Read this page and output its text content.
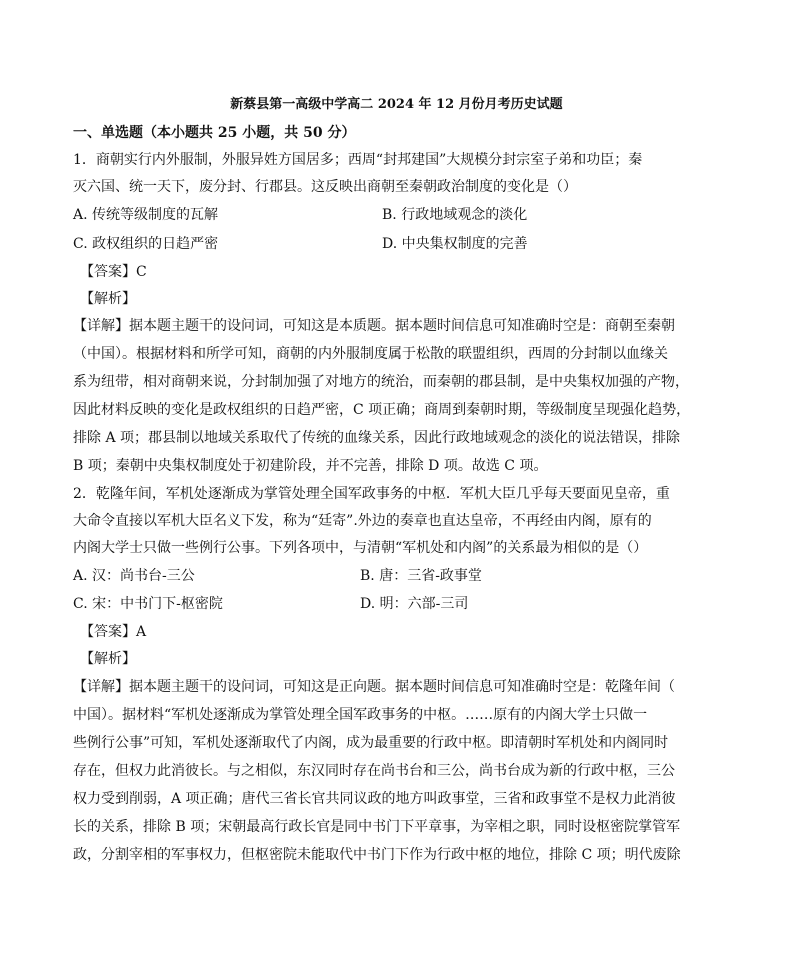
新蔡县第一高级中学高二 2024 年 12 月份月考历史试题
一、单选题（本小题共 25 小题，共 50 分）
1．商朝实行内外服制，外服异姓方国居多；西周“封邦建国”大规模分封宗室子弟和功臣；秦
灭六国、统一天下，废分封、行郡县。这反映出商朝至秦朝政治制度的变化是（）
A. 传统等级制度的瓦解	B. 行政地域观念的淡化
C. 政权组织的日趋严密	D. 中央集权制度的完善
【答案】C
【解析】
【详解】据本题主题干的设问词，可知这是本质题。据本题时间信息可知准确时空是：商朝至秦朝
（中国）。根据材料和所学可知，商朝的内外服制度属于松散的联盟组织，西周的分封制以血缘关
系为纽带，相对商朝来说，分封制加强了对地方的统治，而秦朝的郡县制，是中央集权加强的产物，
因此材料反映的变化是政权组织的日趋严密，C 项正确；商周到秦朝时期，等级制度呈现强化趋势，
排除 A 项；郡县制以地域关系取代了传统的血缘关系，因此行政地域观念的淡化的说法错误，排除
B 项；秦朝中央集权制度处于初建阶段，并不完善，排除 D 项。故选 C 项。
2．乾隆年间，军机处逐渐成为掌管处理全国军政事务的中枢．军机大臣几乎每天要面见皇帝，重
大命令直接以军机大臣名义下发，称为“廷寄”.外边的奏章也直达皇帝，不再经由内阁，原有的
内阁大学士只做一些例行公事。下列各项中，与清朝“军机处和内阁”的关系最为相似的是（）
A. 汉：尚书台-三公	B. 唐：三省-政事堂
C. 宋：中书门下-枢密院	D. 明：六部-三司
【答案】A
【解析】
【详解】据本题主题干的设问词，可知这是正向题。据本题时间信息可知准确时空是：乾隆年间（
中国）。据材料“军机处逐渐成为掌管处理全国军政事务的中枢。……原有的内阁大学士只做一
些例行公事”可知，军机处逐渐取代了内阁，成为最重要的行政中枢。即清朝时军机处和内阁同时
存在，但权力此消彼长。与之相似，东汉同时存在尚书台和三公，尚书台成为新的行政中枢，三公
权力受到削弱，A 项正确；唐代三省长官共同议政的地方叫政事堂，三省和政事堂不是权力此消彼
长的关系，排除 B 项；宋朝最高行政长官是同中书门下平章事，为宰相之职，同时设枢密院掌管军
政，分割宰相的军事权力，但枢密院未能取代中书门下作为行政中枢的地位，排除 C 项；明代废除
